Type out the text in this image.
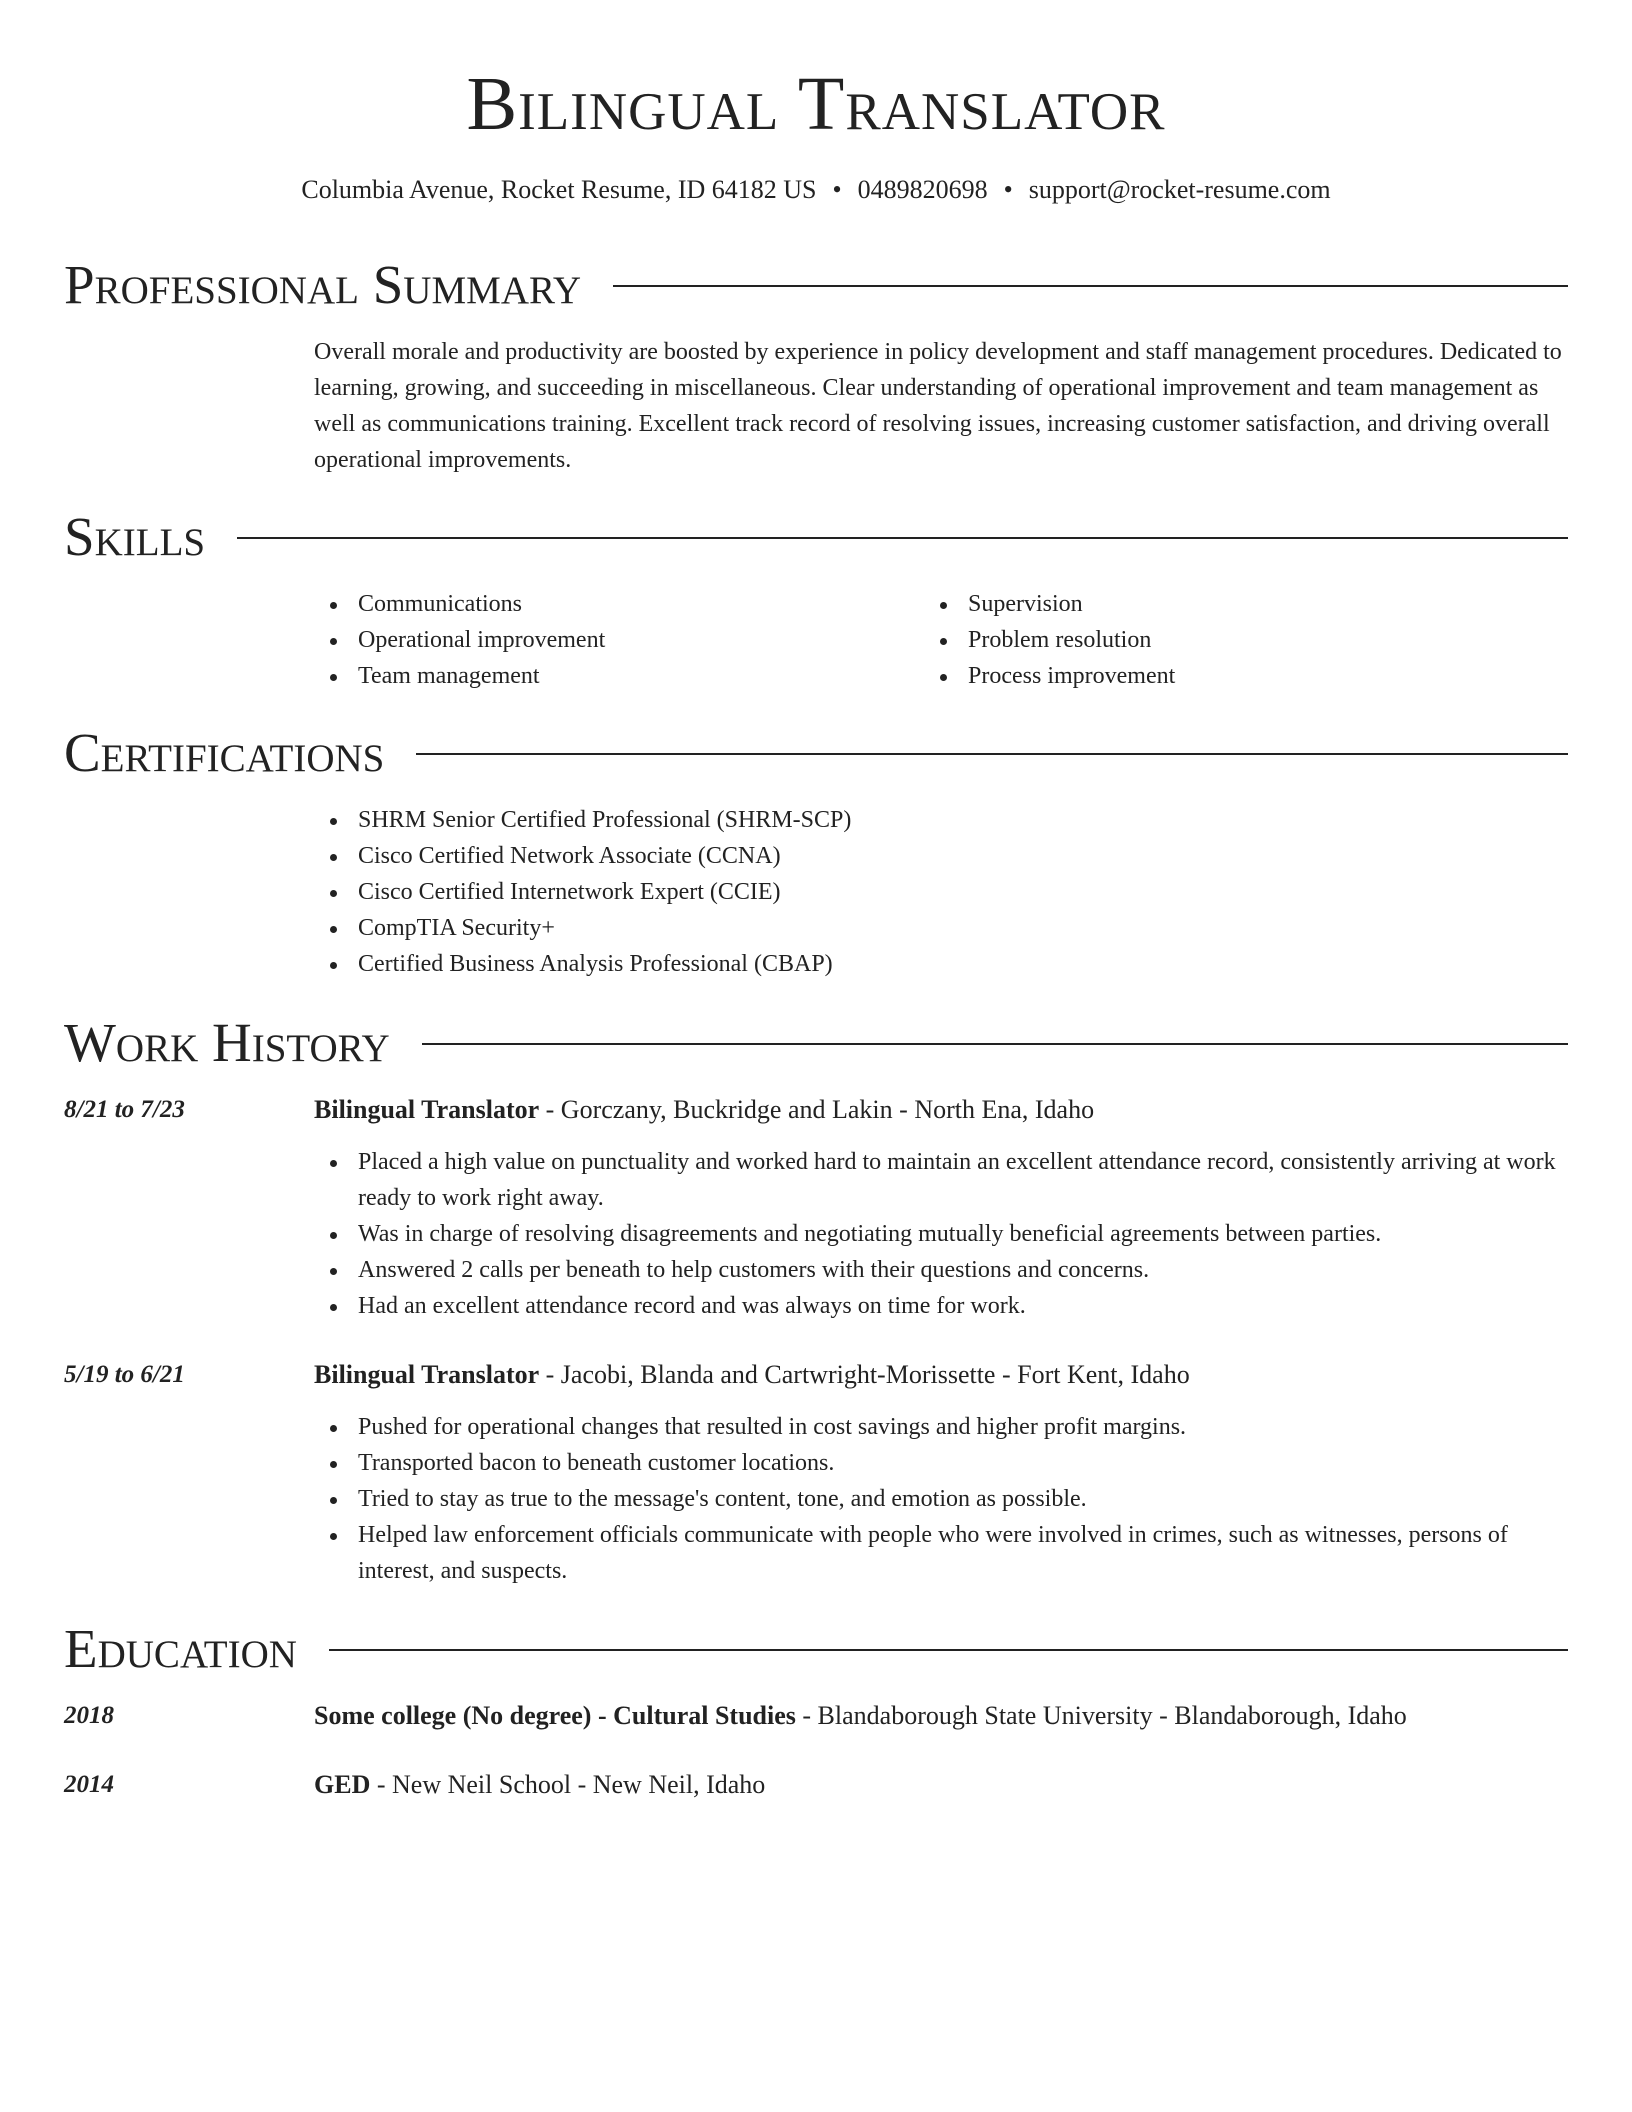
Bilingual Translator
Columbia Avenue, Rocket Resume, ID 64182 US • 0489820698 • support@rocket-resume.com
Professional Summary
Overall morale and productivity are boosted by experience in policy development and staff management procedures. Dedicated to learning, growing, and succeeding in miscellaneous. Clear understanding of operational improvement and team management as well as communications training. Excellent track record of resolving issues, increasing customer satisfaction, and driving overall operational improvements.
Skills
Communications
Operational improvement
Team management
Supervision
Problem resolution
Process improvement
Certifications
SHRM Senior Certified Professional (SHRM-SCP)
Cisco Certified Network Associate (CCNA)
Cisco Certified Internetwork Expert (CCIE)
CompTIA Security+
Certified Business Analysis Professional (CBAP)
Work History
8/21 to 7/23	Bilingual Translator - Gorczany, Buckridge and Lakin - North Ena, Idaho
Placed a high value on punctuality and worked hard to maintain an excellent attendance record, consistently arriving at work ready to work right away.
Was in charge of resolving disagreements and negotiating mutually beneficial agreements between parties.
Answered 2 calls per beneath to help customers with their questions and concerns.
Had an excellent attendance record and was always on time for work.
5/19 to 6/21	Bilingual Translator - Jacobi, Blanda and Cartwright-Morissette - Fort Kent, Idaho
Pushed for operational changes that resulted in cost savings and higher profit margins.
Transported bacon to beneath customer locations.
Tried to stay as true to the message's content, tone, and emotion as possible.
Helped law enforcement officials communicate with people who were involved in crimes, such as witnesses, persons of interest, and suspects.
Education
2018	Some college (No degree) - Cultural Studies - Blandaborough State University - Blandaborough, Idaho
2014	GED - New Neil School - New Neil, Idaho
